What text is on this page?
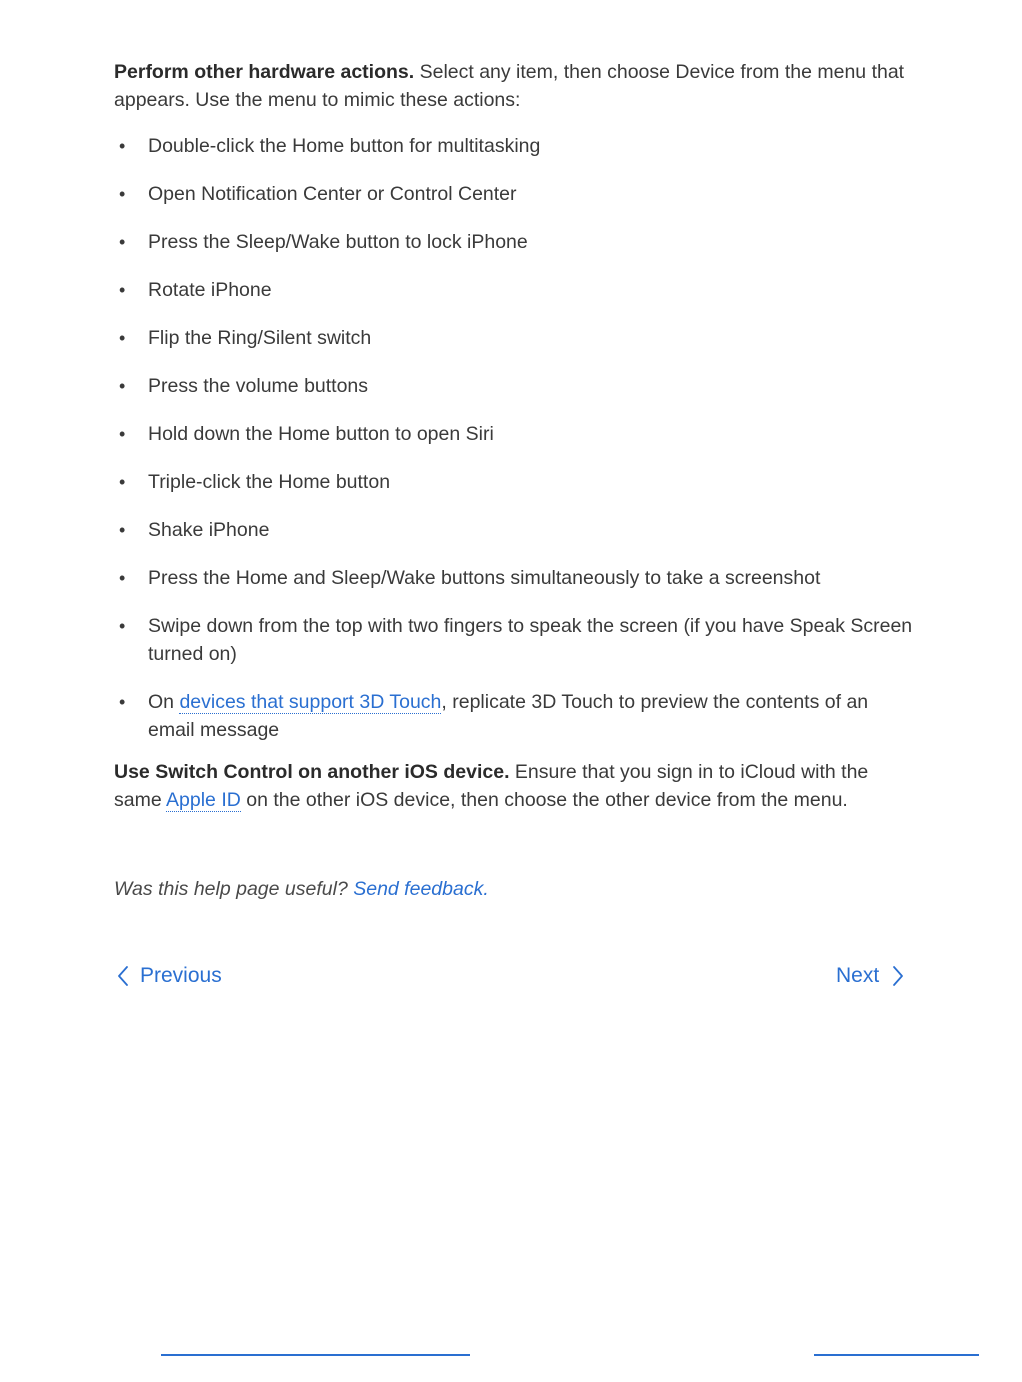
Perform other hardware actions. Select any item, then choose Device from the menu that appears. Use the menu to mimic these actions:

• Double-click the Home button for multitasking
• Open Notification Center or Control Center
• Press the Sleep/Wake button to lock iPhone
• Rotate iPhone
• Flip the Ring/Silent switch
• Press the volume buttons
• Hold down the Home button to open Siri
• Triple-click the Home button
• Shake iPhone
• Press the Home and Sleep/Wake buttons simultaneously to take a screenshot
• Swipe down from the top with two fingers to speak the screen (if you have Speak Screen turned on)
• On devices that support 3D Touch, replicate 3D Touch to preview the contents of an email message

Use Switch Control on another iOS device. Ensure that you sign in to iCloud with the same Apple ID on the other iOS device, then choose the other device from the menu.

Was this help page useful? Send feedback.
Previous	Next
